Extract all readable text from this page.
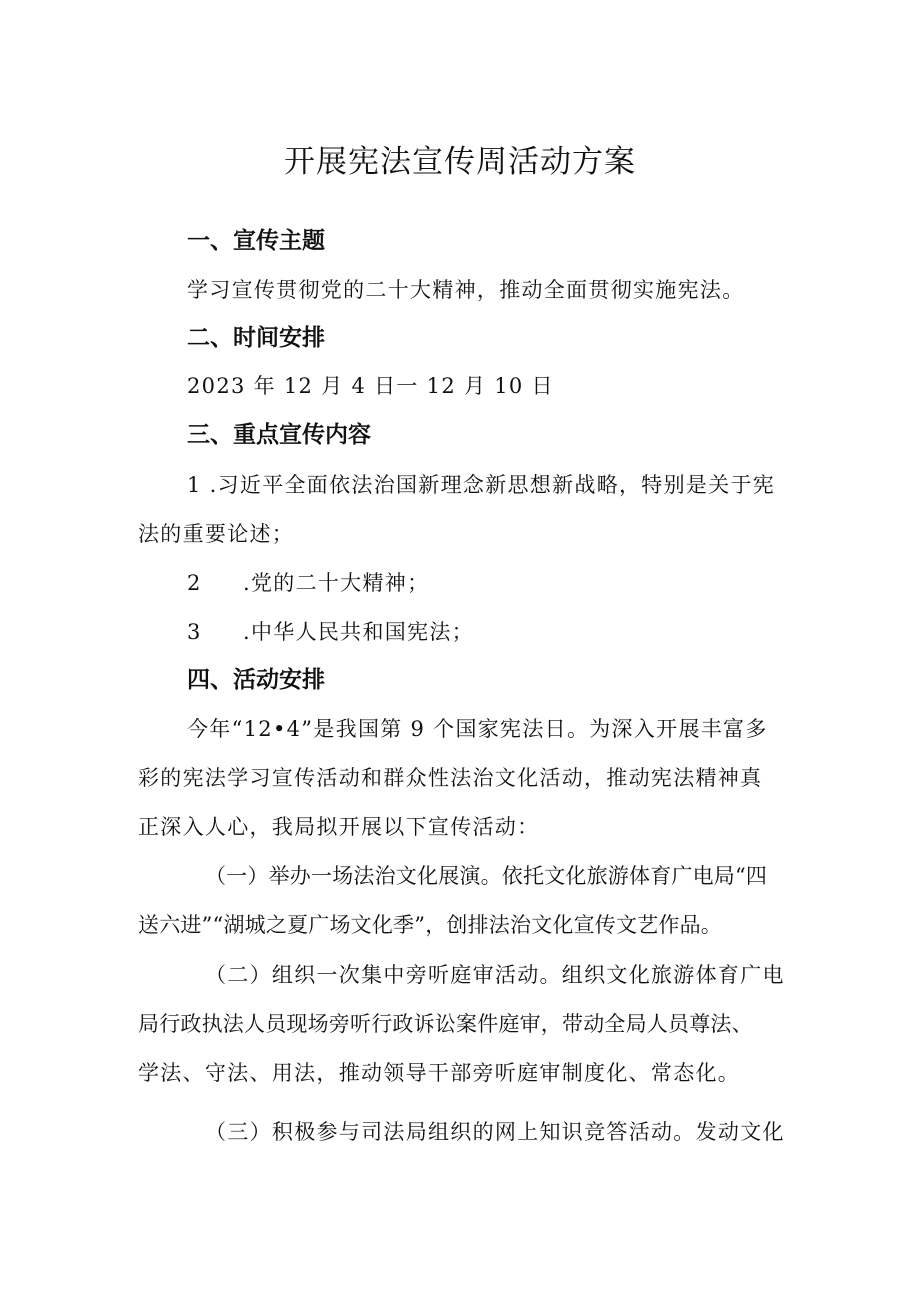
开展宪法宣传周活动方案
一、宣传主题

学习宣传贯彻党的二十大精神，推动全面贯彻实施宪法。

二、时间安排

2023 年 12 月 4 日一 12 月 10 日

三、重点宣传内容

1 .习近平全面依法治国新理念新思想新战略，特别是关于宪

法的重要论述；

2 .党的二十大精神；

3 .中华人民共和国宪法；

四、活动安排

今年“12•4”是我国第 9 个国家宪法日。为深入开展丰富多

彩的宪法学习宣传活动和群众性法治文化活动，推动宪法精神真

正深入人心，我局拟开展以下宣传活动：

（一）举办一场法治文化展演。依托文化旅游体育广电局“四

送六进”“湖城之夏广场文化季”，创排法治文化宣传文艺作品。

（二）组织一次集中旁听庭审活动。组织文化旅游体育广电

局行政执法人员现场旁听行政诉讼案件庭审，带动全局人员尊法、

学法、守法、用法，推动领导干部旁听庭审制度化、常态化。

（三）积极参与司法局组织的网上知识竞答活动。发动文化
